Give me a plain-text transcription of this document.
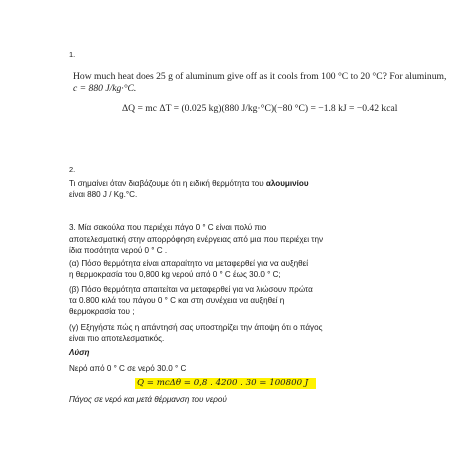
1.
How much heat does 25 g of aluminum give off as it cools from 100 °C to 20 °C? For aluminum,
c = 880 J/kg·°C.
ΔQ = mc ΔT = (0.025 kg)(880 J/kg·°C)(−80 °C) = −1.8 kJ = −0.42 kcal
2.
Τι σημαίνει όταν διαβάζουμε ότι η ειδική θερμότητα του αλουμινίου
είναι 880 J / Kg.°C.
3. Μία σακούλα που περιέχει πάγο 0 ° C είναι πολύ πιο
αποτελεσματική στην απορρόφηση ενέργειας από μια που περιέχει την
ίδια ποσότητα νερού 0 ° C .
(α) Πόσο θερμότητα είναι απαραίτητο να μεταφερθεί για να αυξηθεί
η θερμοκρασία του 0,800 kg νερού από 0 ° C έως 30.0 ° C;
(β) Πόσο θερμότητα απαιτείται να μεταφερθεί για να λιώσουν πρώτα
τα 0.800 κιλά του πάγου 0 ° C και στη συνέχεια να αυξηθεί η
θερμοκρασία του ;
(γ) Εξηγήστε πώς η απάντησή σας υποστηρίζει την άποψη ότι ο πάγος
είναι πιο αποτελεσματικός.
Λύση
Νερό από 0 ° C σε νερό 30.0 ° C
Q = mcΔθ = 0,8 . 4200 . 30 = 100800 J
Πάγος σε νερό και μετά θέρμανση του νερού
